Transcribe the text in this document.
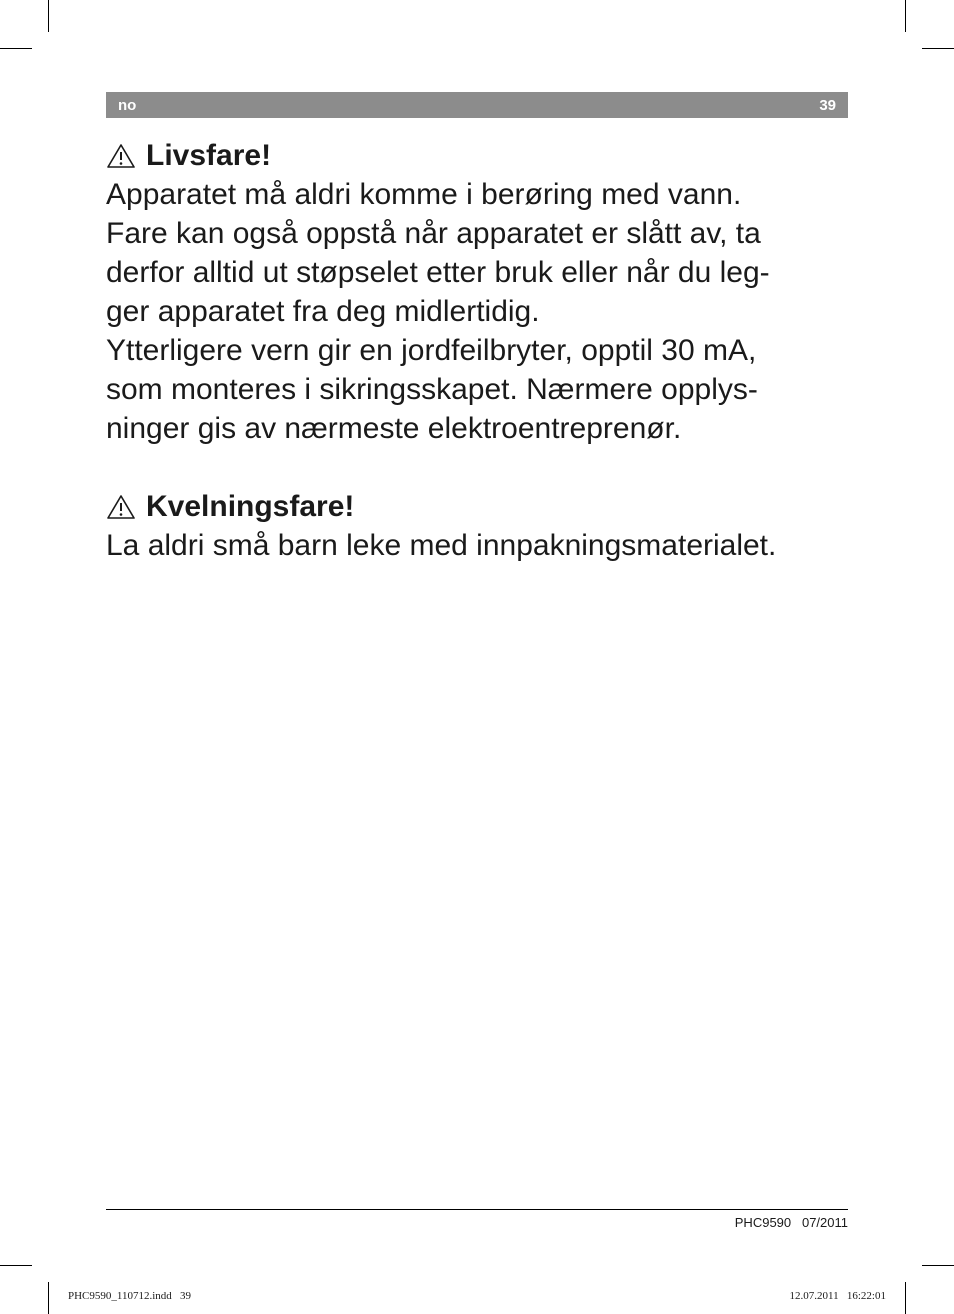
no	39
Livsfare!

Apparatet må aldri komme i berøring med vann.
Fare kan også oppstå når apparatet er slått av, ta
derfor alltid ut støpselet etter bruk eller når du leg-
ger apparatet fra deg midlertidig.

Ytterligere vern gir en jordfeilbryter, opptil 30 mA,
som monteres i sikringsskapet. Nærmere opplys-
ninger gis av nærmeste elektroentreprenør.

Kvelningsfare!

La aldri små barn leke med innpakningsmaterialet.

PHC9590   07/2011
PHC9590_110712.indd   39	12.07.2011   16:22:01
